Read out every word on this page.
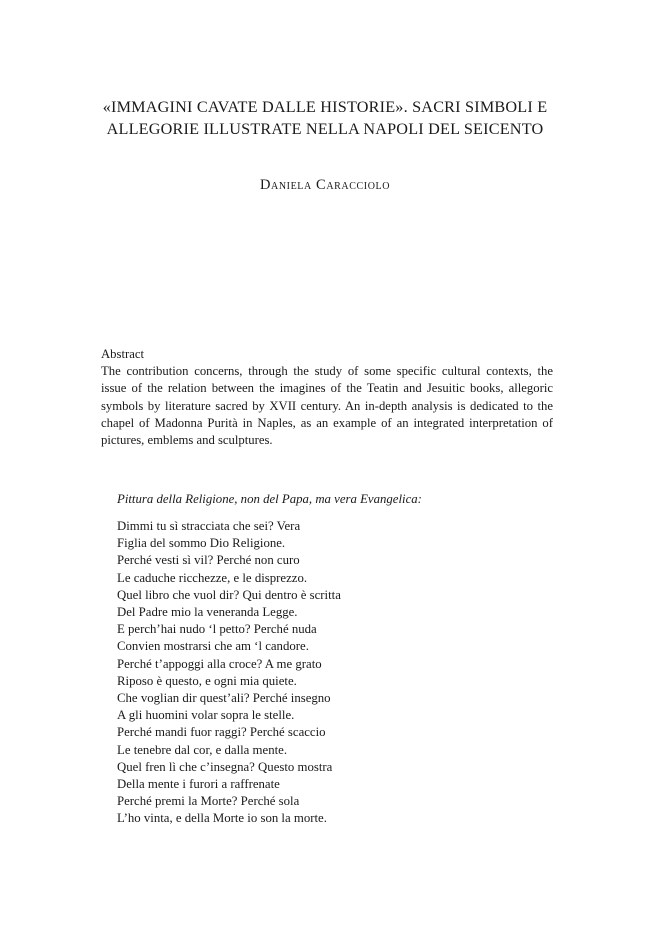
«IMMAGINI CAVATE DALLE HISTORIE». SACRI SIMBOLI E
ALLEGORIE ILLUSTRATE NELLA NAPOLI DEL SEICENTO
Daniela Caracciolo
Abstract
The contribution concerns, through the study of some specific cultural contexts, the
issue of the relation between the imagines of the Teatin and Jesuitic books, allegoric
symbols by literature sacred by XVII century. An in-depth analysis is dedicated to the
chapel of Madonna Purità in Naples, as an example of an integrated interpretation of
pictures, emblems and sculptures.
Pittura della Religione, non del Papa, ma vera Evangelica:
Dimmi tu sì stracciata che sei? Vera
Figlia del sommo Dio Religione.
Perché vesti sì vil? Perché non curo
Le caduche ricchezze, e le disprezzo.
Quel libro che vuol dir? Qui dentro è scritta
Del Padre mio la veneranda Legge.
E perch’hai nudo ‘l petto? Perché nuda
Convien mostrarsi che am ‘l candore.
Perché t’appoggi alla croce? A me grato
Riposo è questo, e ogni mia quiete.
Che voglian dir quest’ali? Perché insegno
A gli huomini volar sopra le stelle.
Perché mandi fuor raggi? Perché scaccio
Le tenebre dal cor, e dalla mente.
Quel fren lì che c’insegna? Questo mostra
Della mente i furori a raffrenate
Perché premi la Morte? Perché sola
L’ho vinta, e della Morte io son la morte.
